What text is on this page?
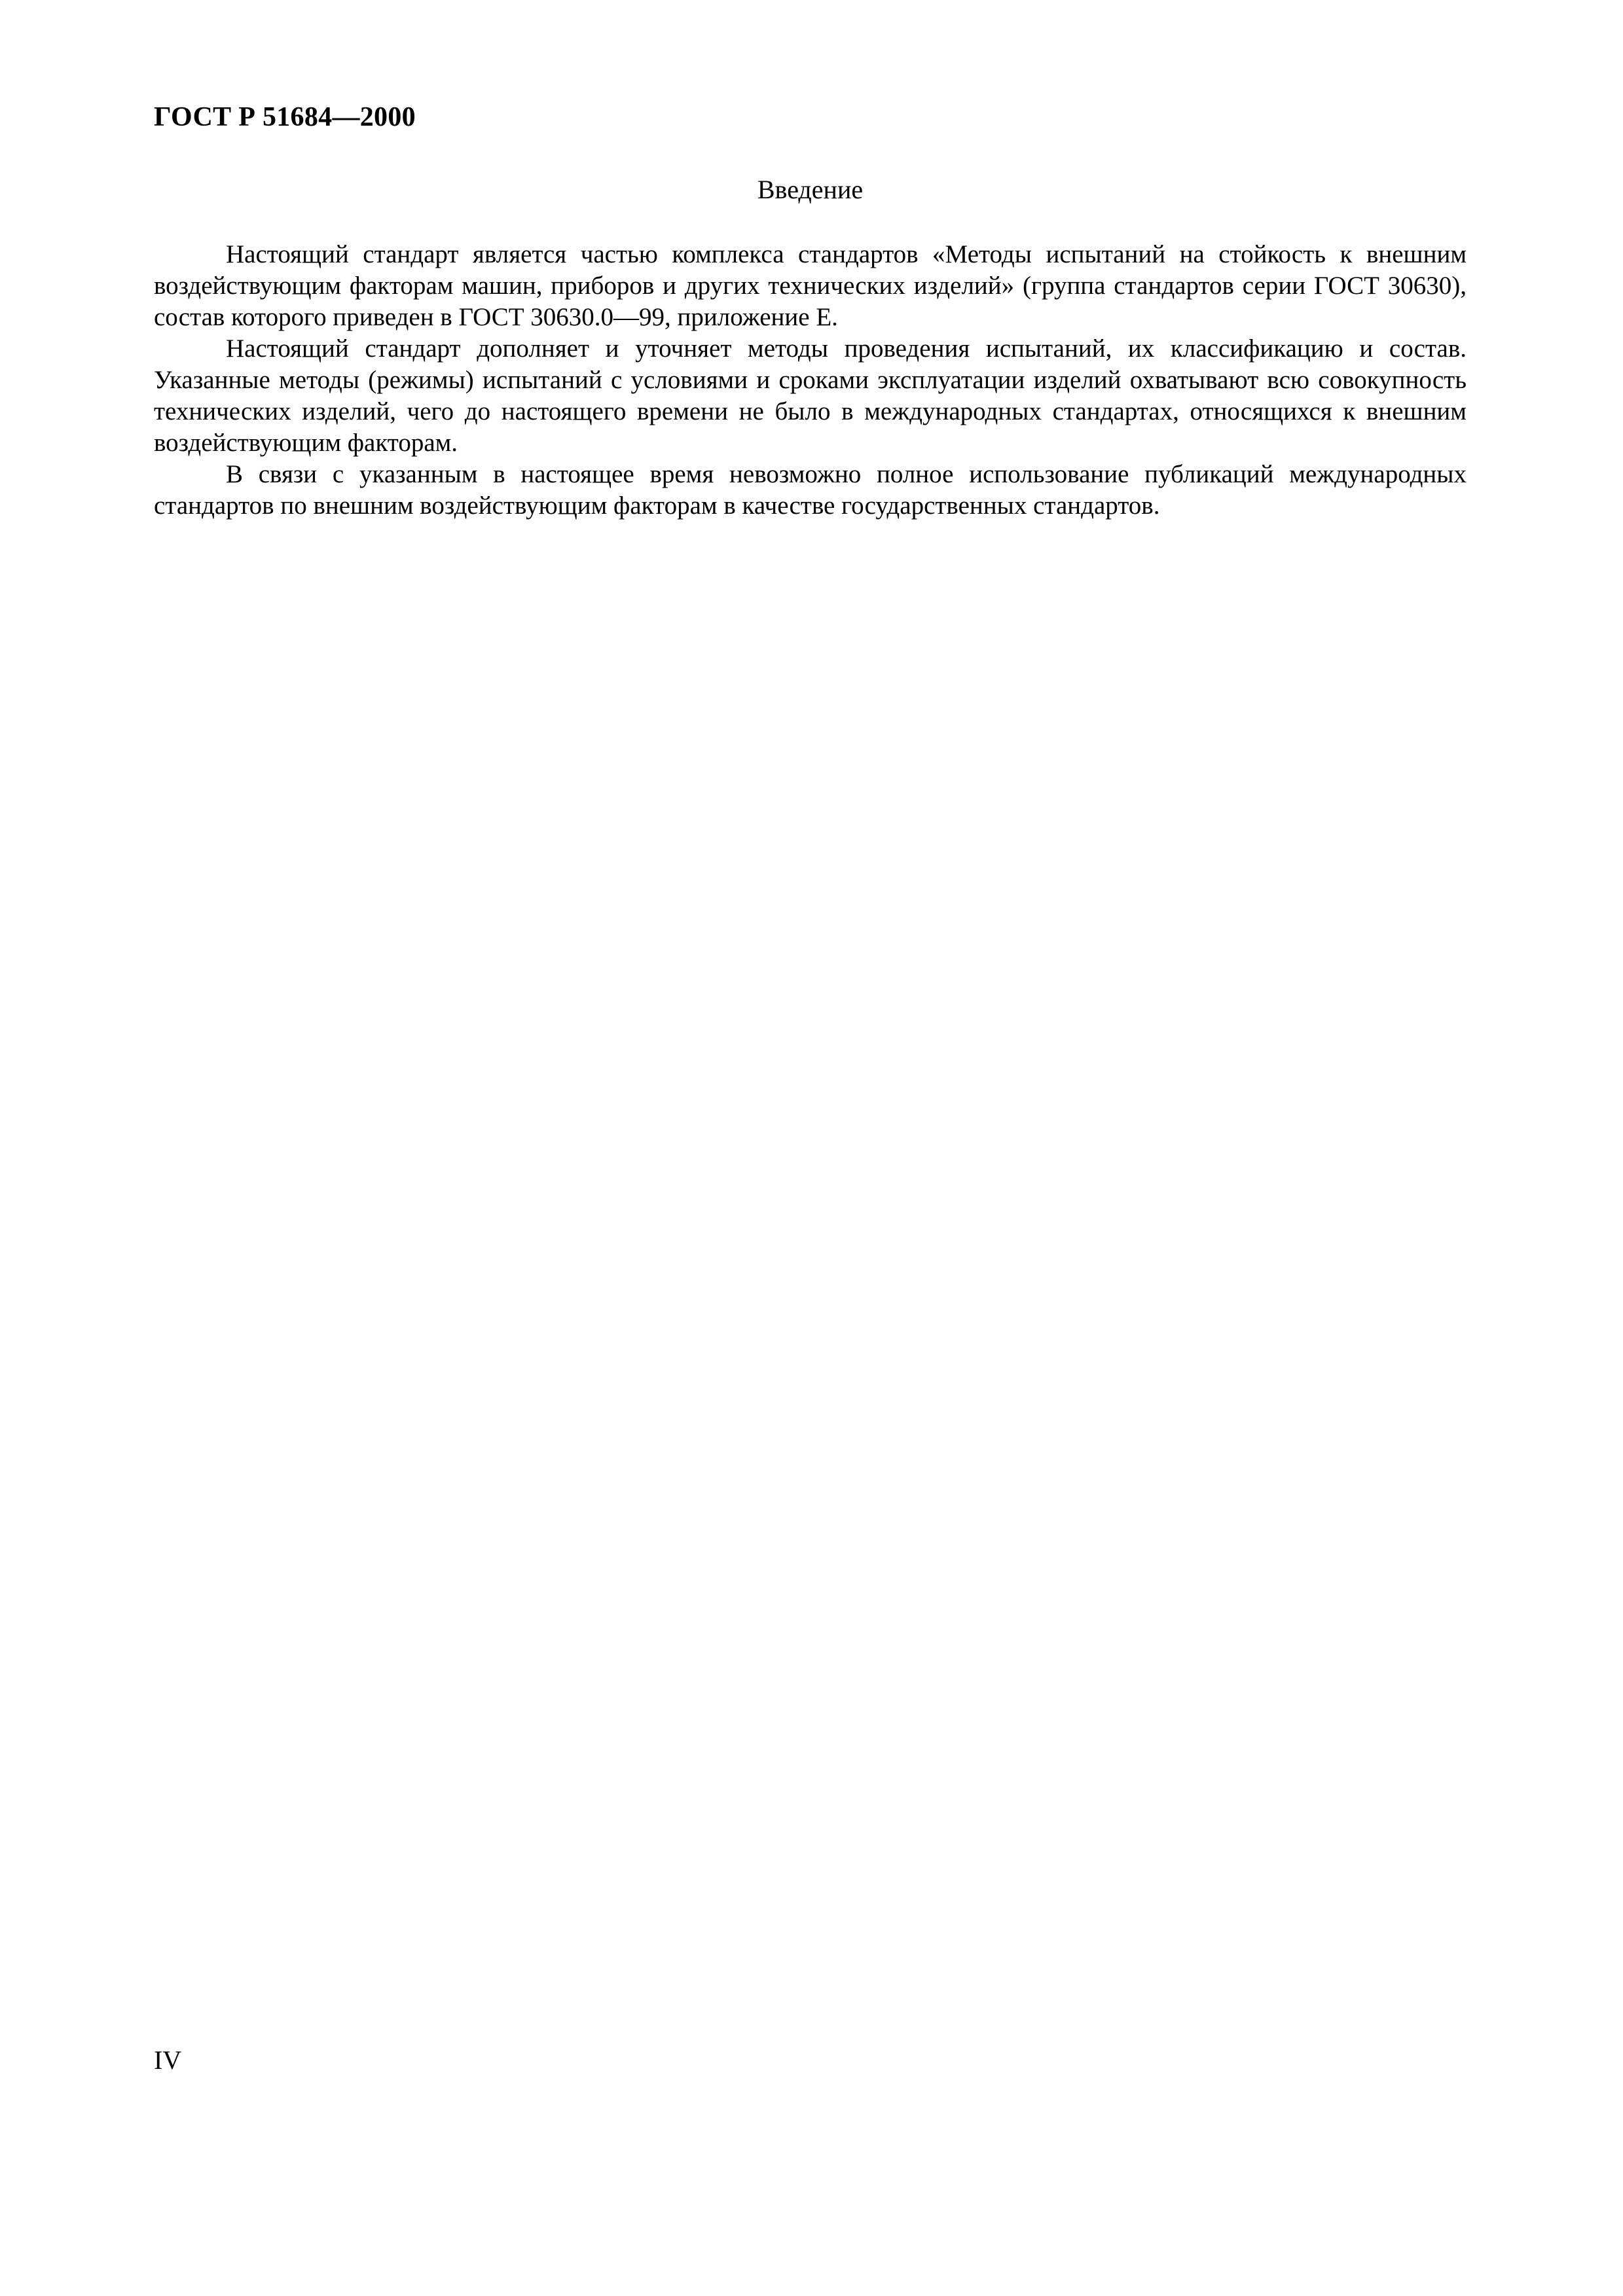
ГОСТ Р 51684—2000
Введение

Настоящий стандарт является частью комплекса стандартов «Методы испытаний на стойкость к внешним воздействующим факторам машин, приборов и других технических изделий» (группа стандартов серии ГОСТ 30630), состав которого приведен в ГОСТ 30630.0—99, приложение Е.

Настоящий стандарт дополняет и уточняет методы проведения испытаний, их классификацию и состав. Указанные методы (режимы) испытаний с условиями и сроками эксплуатации изделий охватывают всю совокупность технических изделий, чего до настоящего времени не было в международных стандартах, относящихся к внешним воздействующим факторам.

В связи с указанным в настоящее время невозможно полное использование публикаций международных стандартов по внешним воздействующим факторам в качестве государственных стандартов.

IV
